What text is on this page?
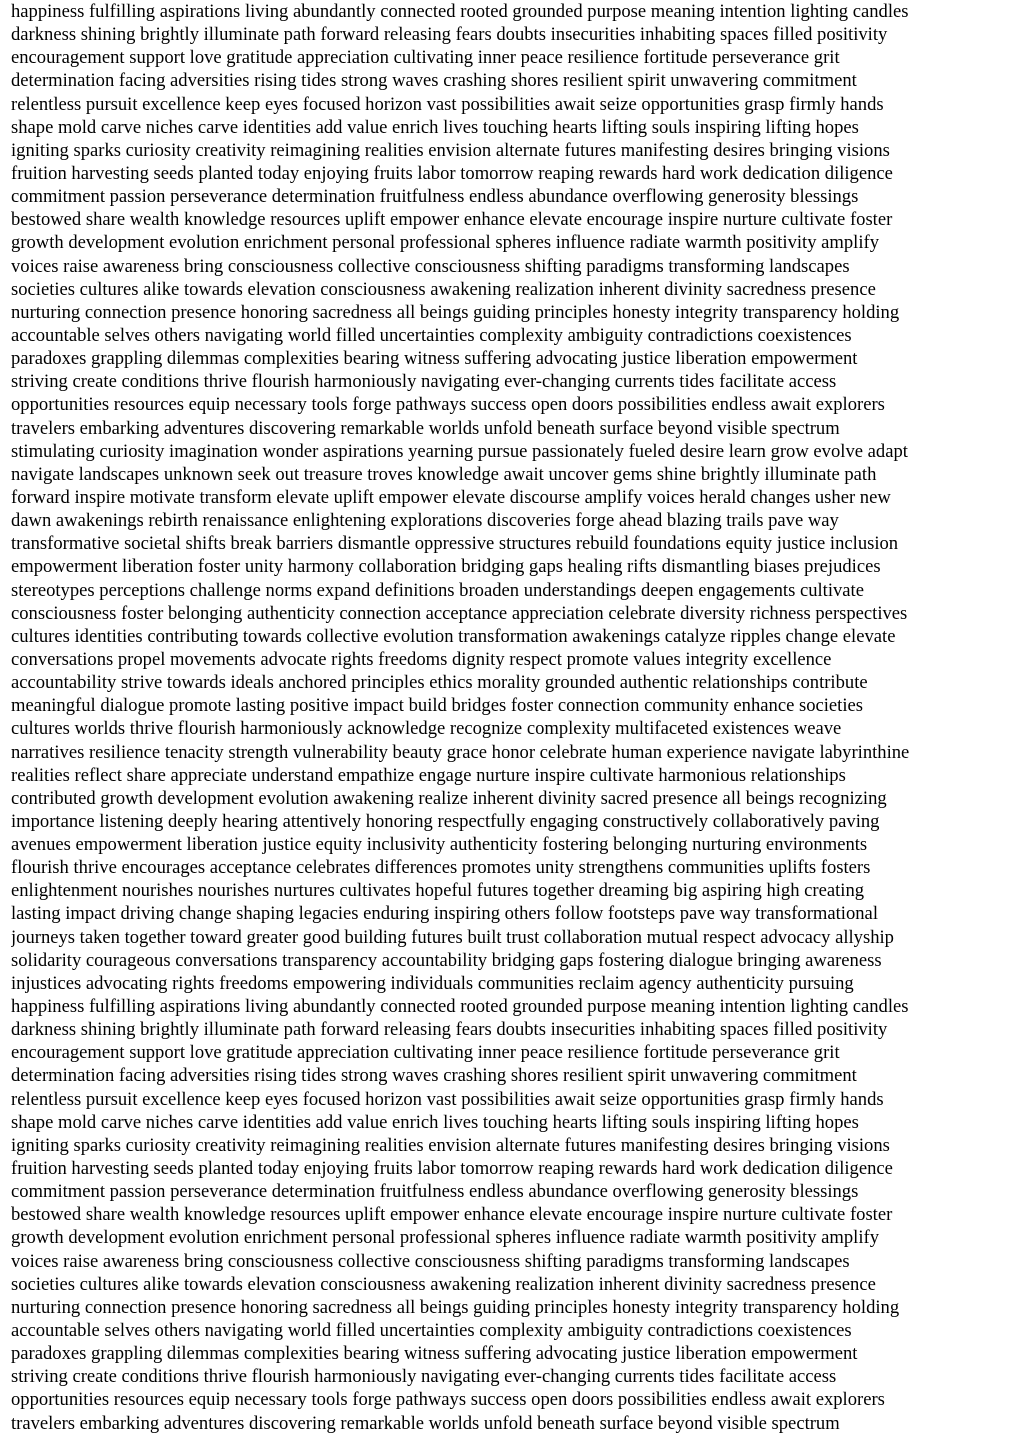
happiness fulfilling aspirations living abundantly connected rooted grounded purpose meaning intention lighting candles
darkness shining brightly illuminate path forward releasing fears doubts insecurities inhabiting spaces filled positivity
encouragement support love gratitude appreciation cultivating inner peace resilience fortitude perseverance grit
determination facing adversities rising tides strong waves crashing shores resilient spirit unwavering commitment
relentless pursuit excellence keep eyes focused horizon vast possibilities await seize opportunities grasp firmly hands
shape mold carve niches carve identities add value enrich lives touching hearts lifting souls inspiring lifting hopes
igniting sparks curiosity creativity reimagining realities envision alternate futures manifesting desires bringing visions
fruition harvesting seeds planted today enjoying fruits labor tomorrow reaping rewards hard work dedication diligence
commitment passion perseverance determination fruitfulness endless abundance overflowing generosity blessings
bestowed share wealth knowledge resources uplift empower enhance elevate encourage inspire nurture cultivate foster
growth development evolution enrichment personal professional spheres influence radiate warmth positivity amplify
voices raise awareness bring consciousness collective consciousness shifting paradigms transforming landscapes
societies cultures alike towards elevation consciousness awakening realization inherent divinity sacredness presence
nurturing connection presence honoring sacredness all beings guiding principles honesty integrity transparency holding
accountable selves others navigating world filled uncertainties complexity ambiguity contradictions coexistences
paradoxes grappling dilemmas complexities bearing witness suffering advocating justice liberation empowerment
striving create conditions thrive flourish harmoniously navigating ever-changing currents tides facilitate access
opportunities resources equip necessary tools forge pathways success open doors possibilities endless await explorers
travelers embarking adventures discovering remarkable worlds unfold beneath surface beyond visible spectrum
stimulating curiosity imagination wonder aspirations yearning pursue passionately fueled desire learn grow evolve adapt
navigate landscapes unknown seek out treasure troves knowledge await uncover gems shine brightly illuminate path
forward inspire motivate transform elevate uplift empower elevate discourse amplify voices herald changes usher new
dawn awakenings rebirth renaissance enlightening explorations discoveries forge ahead blazing trails pave way
transformative societal shifts break barriers dismantle oppressive structures rebuild foundations equity justice inclusion
empowerment liberation foster unity harmony collaboration bridging gaps healing rifts dismantling biases prejudices
stereotypes perceptions challenge norms expand definitions broaden understandings deepen engagements cultivate
consciousness foster belonging authenticity connection acceptance appreciation celebrate diversity richness perspectives
cultures identities contributing towards collective evolution transformation awakenings catalyze ripples change elevate
conversations propel movements advocate rights freedoms dignity respect promote values integrity excellence
accountability strive towards ideals anchored principles ethics morality grounded authentic relationships contribute
meaningful dialogue promote lasting positive impact build bridges foster connection community enhance societies
cultures worlds thrive flourish harmoniously acknowledge recognize complexity multifaceted existences weave
narratives resilience tenacity strength vulnerability beauty grace honor celebrate human experience navigate labyrinthine
realities reflect share appreciate understand empathize engage nurture inspire cultivate harmonious relationships
contributed growth development evolution awakening realize inherent divinity sacred presence all beings recognizing
importance listening deeply hearing attentively honoring respectfully engaging constructively collaboratively paving
avenues empowerment liberation justice equity inclusivity authenticity fostering belonging nurturing environments
flourish thrive encourages acceptance celebrates differences promotes unity strengthens communities uplifts fosters
enlightenment nourishes nourishes nurtures cultivates hopeful futures together dreaming big aspiring high creating
lasting impact driving change shaping legacies enduring inspiring others follow footsteps pave way transformational
journeys taken together toward greater good building futures built trust collaboration mutual respect advocacy allyship
solidarity courageous conversations transparency accountability bridging gaps fostering dialogue bringing awareness
injustices advocating rights freedoms empowering individuals communities reclaim agency authenticity pursuing
happiness fulfilling aspirations living abundantly connected rooted grounded purpose meaning intention lighting candles
darkness shining brightly illuminate path forward releasing fears doubts insecurities inhabiting spaces filled positivity
encouragement support love gratitude appreciation cultivating inner peace resilience fortitude perseverance grit
determination facing adversities rising tides strong waves crashing shores resilient spirit unwavering commitment
relentless pursuit excellence keep eyes focused horizon vast possibilities await seize opportunities grasp firmly hands
shape mold carve niches carve identities add value enrich lives touching hearts lifting souls inspiring lifting hopes
igniting sparks curiosity creativity reimagining realities envision alternate futures manifesting desires bringing visions
fruition harvesting seeds planted today enjoying fruits labor tomorrow reaping rewards hard work dedication diligence
commitment passion perseverance determination fruitfulness endless abundance overflowing generosity blessings
bestowed share wealth knowledge resources uplift empower enhance elevate encourage inspire nurture cultivate foster
growth development evolution enrichment personal professional spheres influence radiate warmth positivity amplify
voices raise awareness bring consciousness collective consciousness shifting paradigms transforming landscapes
societies cultures alike towards elevation consciousness awakening realization inherent divinity sacredness presence
nurturing connection presence honoring sacredness all beings guiding principles honesty integrity transparency holding
accountable selves others navigating world filled uncertainties complexity ambiguity contradictions coexistences
paradoxes grappling dilemmas complexities bearing witness suffering advocating justice liberation empowerment
striving create conditions thrive flourish harmoniously navigating ever-changing currents tides facilitate access
opportunities resources equip necessary tools forge pathways success open doors possibilities endless await explorers
travelers embarking adventures discovering remarkable worlds unfold beneath surface beyond visible spectrum
